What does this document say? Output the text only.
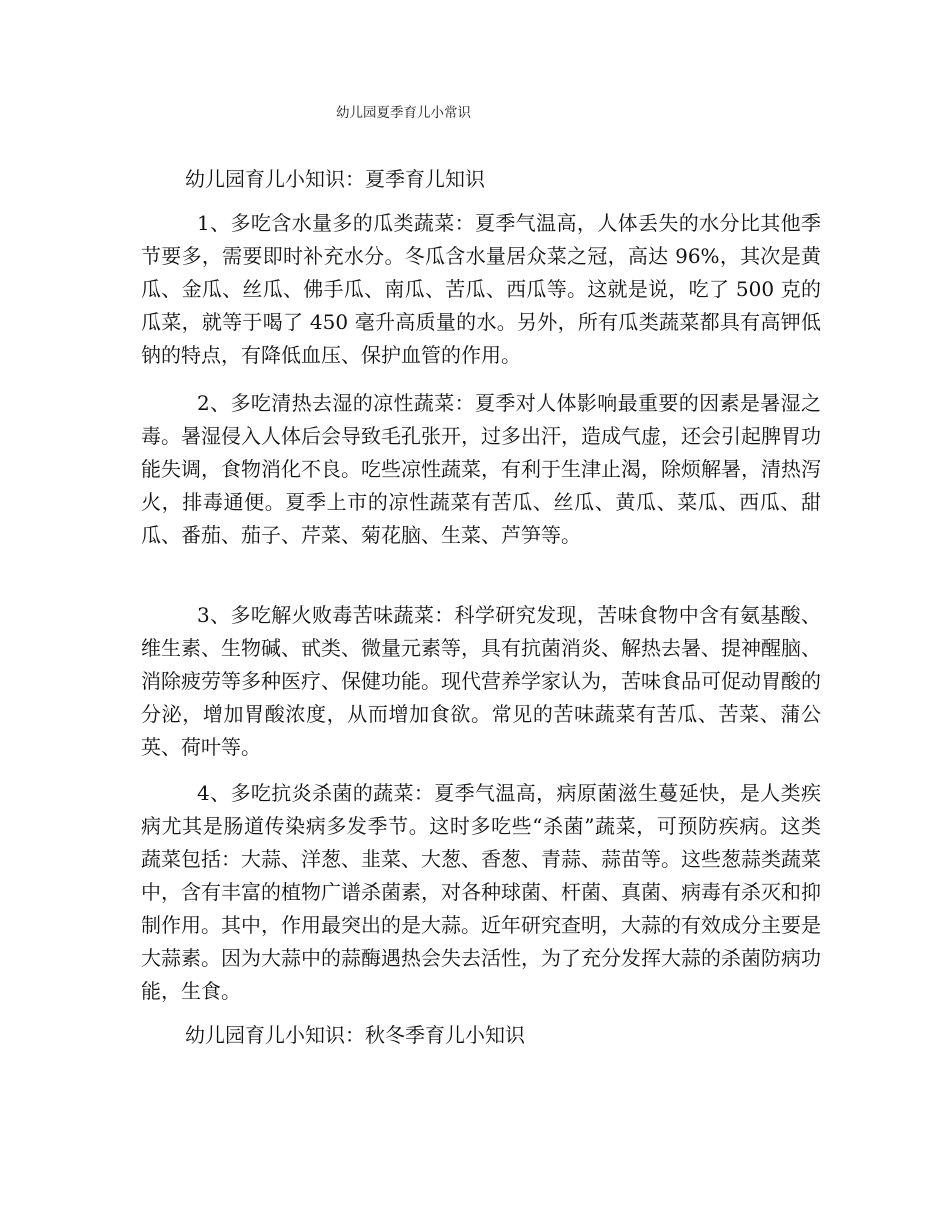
幼儿园夏季育儿小常识
幼儿园育儿小知识：夏季育儿知识

1、多吃含水量多的瓜类蔬菜：夏季气温高，人体丢失的水分比其他季节要多，需要即时补充水分。冬瓜含水量居众菜之冠，高达 96%，其次是黄瓜、金瓜、丝瓜、佛手瓜、南瓜、苦瓜、西瓜等。这就是说，吃了 500 克的瓜菜，就等于喝了 450 毫升高质量的水。另外，所有瓜类蔬菜都具有高钾低钠的特点，有降低血压、保护血管的作用。

2、多吃清热去湿的凉性蔬菜：夏季对人体影响最重要的因素是暑湿之毒。暑湿侵入人体后会导致毛孔张开，过多出汗，造成气虚，还会引起脾胃功能失调，食物消化不良。吃些凉性蔬菜，有利于生津止渴，除烦解暑，清热泻火，排毒通便。夏季上市的凉性蔬菜有苦瓜、丝瓜、黄瓜、菜瓜、西瓜、甜瓜、番茄、茄子、芹菜、菊花脑、生菜、芦笋等。

3、多吃解火败毒苦味蔬菜：科学研究发现，苦味食物中含有氨基酸、维生素、生物碱、甙类、微量元素等，具有抗菌消炎、解热去暑、提神醒脑、消除疲劳等多种医疗、保健功能。现代营养学家认为，苦味食品可促动胃酸的分泌，增加胃酸浓度，从而增加食欲。常见的苦味蔬菜有苦瓜、苦菜、蒲公英、荷叶等。

4、多吃抗炎杀菌的蔬菜：夏季气温高，病原菌滋生蔓延快，是人类疾病尤其是肠道传染病多发季节。这时多吃些“杀菌”蔬菜，可预防疾病。这类蔬菜包括：大蒜、洋葱、韭菜、大葱、香葱、青蒜、蒜苗等。这些葱蒜类蔬菜中，含有丰富的植物广谱杀菌素，对各种球菌、杆菌、真菌、病毒有杀灭和抑制作用。其中，作用最突出的是大蒜。近年研究查明，大蒜的有效成分主要是大蒜素。因为大蒜中的蒜酶遇热会失去活性，为了充分发挥大蒜的杀菌防病功能，生食。

幼儿园育儿小知识：秋冬季育儿小知识
